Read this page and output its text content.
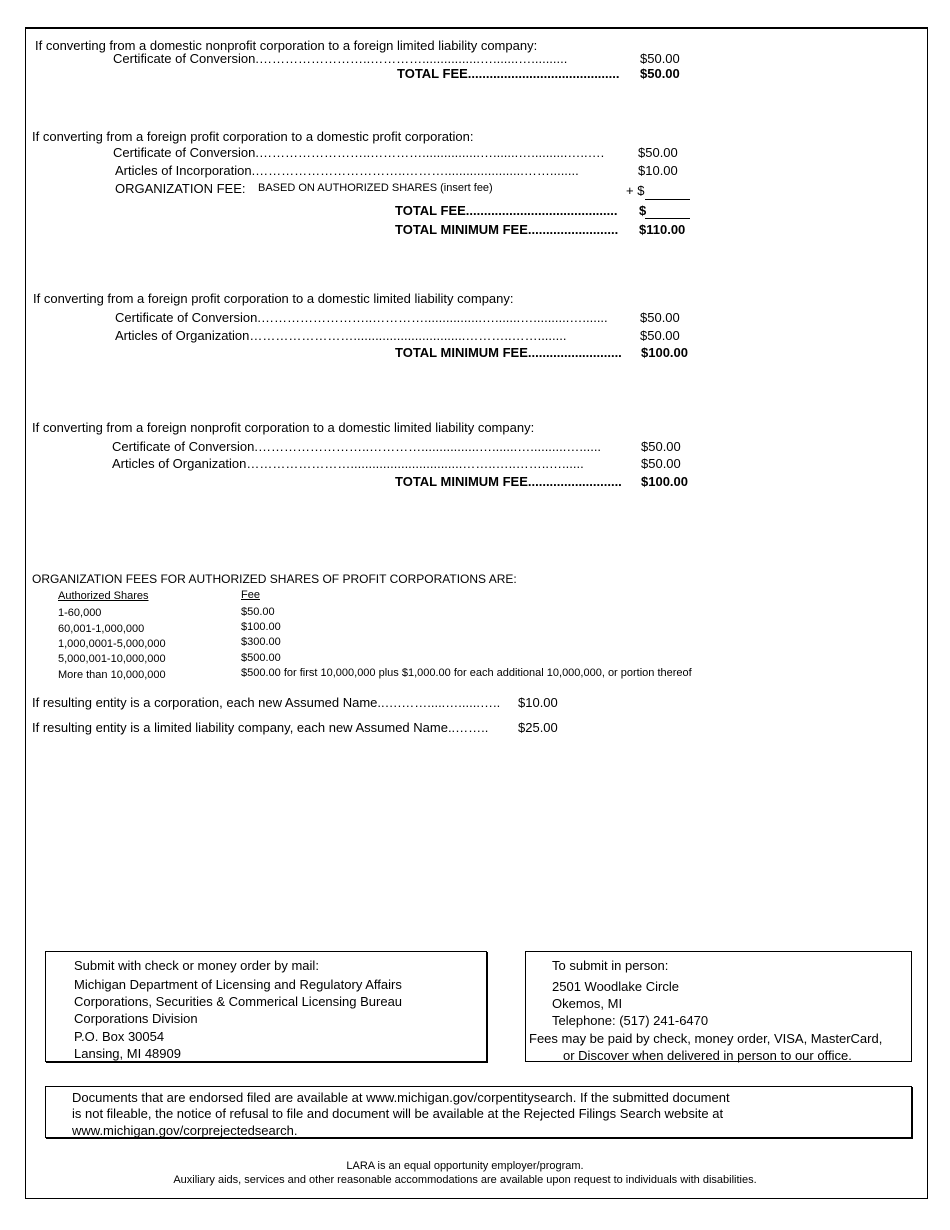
If converting from a domestic nonprofit corporation to a foreign limited liability company:
Certificate of Conversion.……………………..…………................….......…..........	$50.00
TOTAL FEE..........................................	$50.00
If converting from a foreign profit corporation to a domestic profit corporation:
Certificate of Conversion.……………………..…………................….......…..........…..….	$50.00
Articles of Incorporation.……………………………..………......................……........	$10.00
ORGANIZATION FEE: BASED ON AUTHORIZED SHARES (insert fee)	+ $
TOTAL FEE..........................................	$
TOTAL MINIMUM FEE.........................	$110.00
If converting from a foreign profit corporation to a domestic limited liability company:
Certificate of Conversion.……………………..…………................….......…..........….......	$50.00
Articles of Organization……………………...............................………..……........	$50.00
TOTAL MINIMUM FEE..........................	$100.00
If converting from a foreign nonprofit corporation to a domestic limited liability company:
Certificate of Conversion.……………………..…………................….......…..........…......	$50.00
Articles of Organization……………………...............................……..…..……..…......	$50.00
TOTAL MINIMUM FEE..........................	$100.00
ORGANIZATION FEES FOR AUTHORIZED SHARES OF PROFIT CORPORATIONS ARE:
Authorized Shares	Fee
1-60,000	$50.00
60,001-1,000,000	$100.00
1,000,0001-5,000,000	$300.00
5,000,001-10,000,000	$500.00
More than 10,000,000	$500.00 for first 10,000,000 plus $1,000.00 for each additional 10,000,000, or portion thereof
If resulting entity is a corporation, each new Assumed Name..….…….....…......…..	$10.00
If resulting entity is a limited liability company, each new Assumed Name..……..	$25.00
Submit with check or money order by mail:
Michigan Department of Licensing and Regulatory Affairs
Corporations, Securities & Commerical Licensing Bureau
Corporations Division
P.O. Box 30054
Lansing, MI 48909
To submit in person:
2501 Woodlake Circle
Okemos, MI
Telephone: (517) 241-6470
Fees may be paid by check, money order, VISA, MasterCard,
or Discover when delivered in person to our office.
Documents that are endorsed filed are available at www.michigan.gov/corpentitysearch. If the submitted document
is not fileable, the notice of refusal to file and document will be available at the Rejected Filings Search website at
www.michigan.gov/corprejectedsearch.
LARA is an equal opportunity employer/program.
Auxiliary aids, services and other reasonable accommodations are available upon request to individuals with disabilities.
